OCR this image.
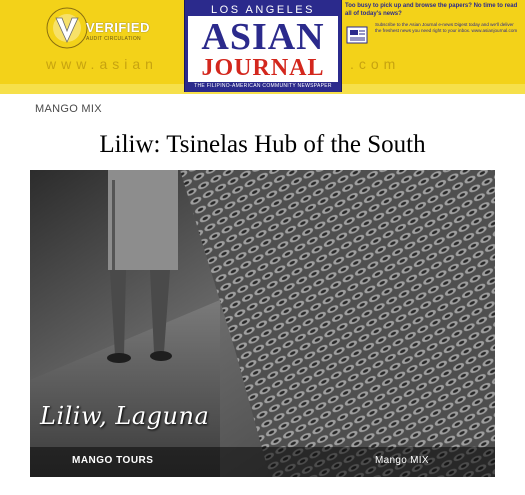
VERIFIED
AUDIT CIRCULATION
www.asian	.com
LOS ANGELES
ASIAN
JOURNAL
THE FILIPINO-AMERICAN COMMUNITY NEWSPAPER
Too busy to pick up and browse the papers? No time to read all of today's news?
Subscribe to the Asian Journal e-news Digest today and we'll deliver the freshest news you need right to your inbox. www.asianjournal.com
MANGO MIX
Liliw: Tsinelas Hub of the South
Liliw, Laguna
MANGO TOURS	Mango MIX
